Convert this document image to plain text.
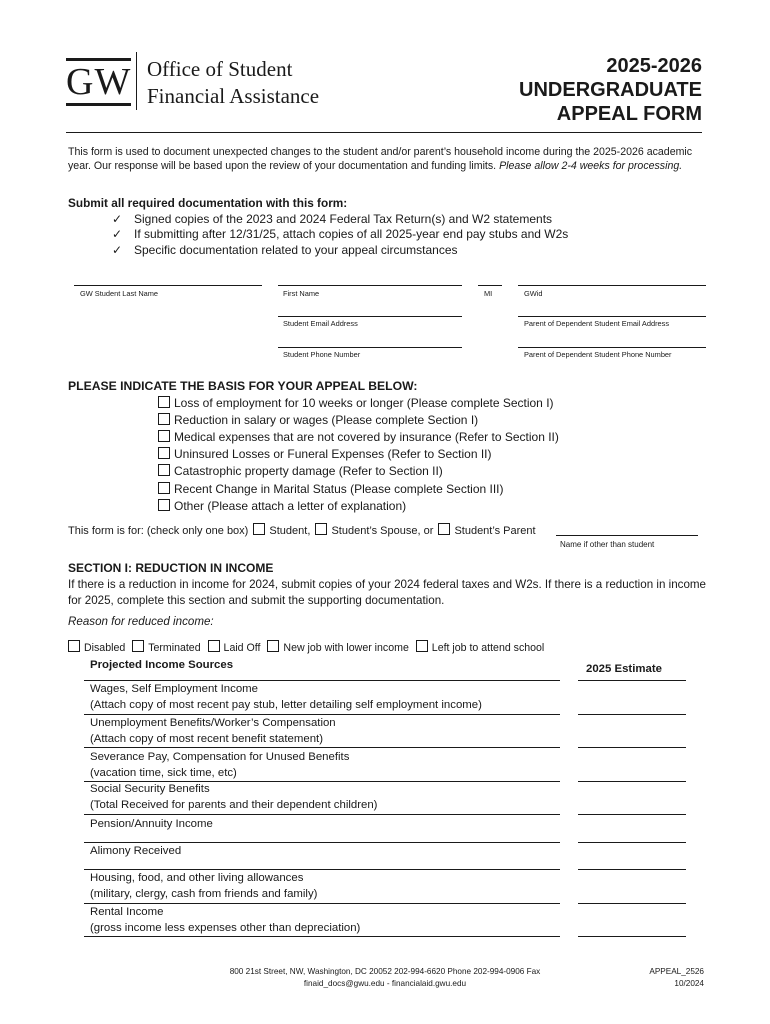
GW Office of Student
Financial Assistance
2025-2026
UNDERGRADUATE
APPEAL FORM
This form is used to document unexpected changes to the student and/or parent’s household income during the 2025-2026 academic year. Our response will be based upon the review of your documentation and funding limits. Please allow 2-4 weeks for processing.
Submit all required documentation with this form:
✓ Signed copies of the 2023 and 2024 Federal Tax Return(s) and W2 statements
✓ If submitting after 12/31/25, attach copies of all 2025-year end pay stubs and W2s
✓ Specific documentation related to your appeal circumstances
GW Student Last Name	First Name	MI	GWid
Student Email Address	Parent of Dependent Student Email Address
Student Phone Number	Parent of Dependent Student Phone Number
PLEASE INDICATE THE BASIS FOR YOUR APPEAL BELOW:
Loss of employment for 10 weeks or longer (Please complete Section I)
Reduction in salary or wages (Please complete Section I)
Medical expenses that are not covered by insurance (Refer to Section II)
Uninsured Losses or Funeral Expenses (Refer to Section II)
Catastrophic property damage (Refer to Section II)
Recent Change in Marital Status (Please complete Section III)
Other (Please attach a letter of explanation)
This form is for: (check only one box) Student, Student’s Spouse, or Student’s Parent
Name if other than student
SECTION I: REDUCTION IN INCOME
If there is a reduction in income for 2024, submit copies of your 2024 federal taxes and W2s. If there is a reduction in income for 2025, complete this section and submit the supporting documentation.
Reason for reduced income:
Disabled Terminated Laid Off New job with lower income Left job to attend school
Projected Income Sources	2025 Estimate
Wages, Self Employment Income
(Attach copy of most recent pay stub, letter detailing self employment income)
Unemployment Benefits/Worker’s Compensation
(Attach copy of most recent benefit statement)
Severance Pay, Compensation for Unused Benefits
(vacation time, sick time, etc)
Social Security Benefits
(Total Received for parents and their dependent children)
Pension/Annuity Income
Alimony Received
Housing, food, and other living allowances
(military, clergy, cash from friends and family)
Rental Income
(gross income less expenses other than depreciation)
800 21st Street, NW, Washington, DC 20052 202-994-6620 Phone 202-994-0906 Fax
finaid_docs@gwu.edu - financialaid.gwu.edu
APPEAL_2526
10/2024
